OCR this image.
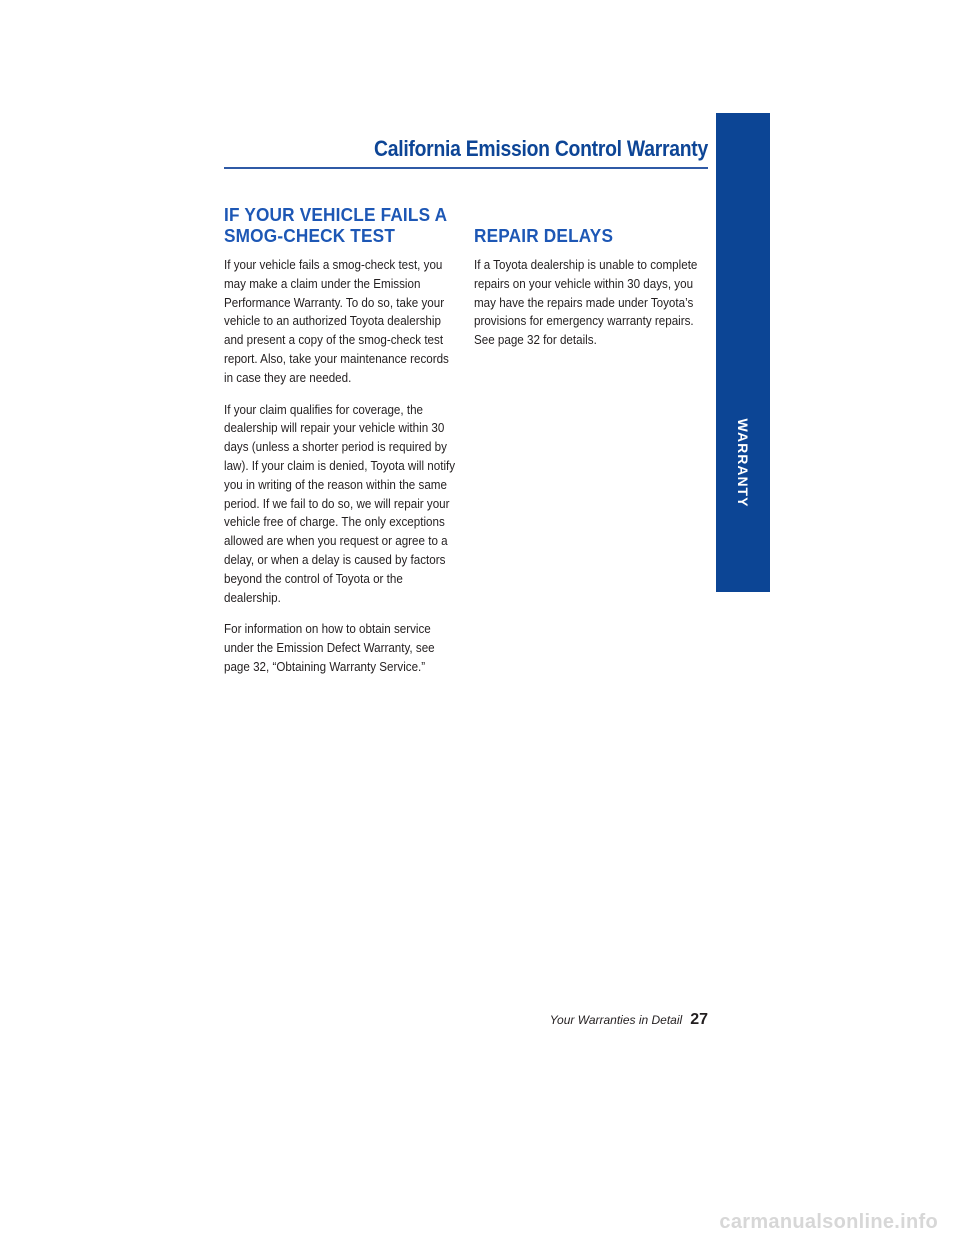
California Emission Control Warranty
WARRANTY
IF YOUR VEHICLE FAILS A
SMOG-CHECK TEST

If your vehicle fails a smog-check test, you may make a claim under the Emission Performance Warranty. To do so, take your vehicle to an authorized Toyota dealership and present a copy of the smog-check test report. Also, take your maintenance records in case they are needed.

If your claim qualifies for coverage, the dealership will repair your vehicle within 30 days (unless a shorter period is required by law). If your claim is denied, Toyota will notify you in writing of the reason within the same period. If we fail to do so, we will repair your vehicle free of charge. The only exceptions allowed are when you request or agree to a delay, or when a delay is caused by factors beyond the control of Toyota or the dealership.

For information on how to obtain service under the Emission Defect Warranty, see page 32, “Obtaining Warranty Service.”

REPAIR DELAYS

If a Toyota dealership is unable to complete repairs on your vehicle within 30 days, you may have the repairs made under Toyota’s provisions for emergency warranty repairs. See page 32 for details.

Your Warranties in Detail 27
carmanualsonline.info
